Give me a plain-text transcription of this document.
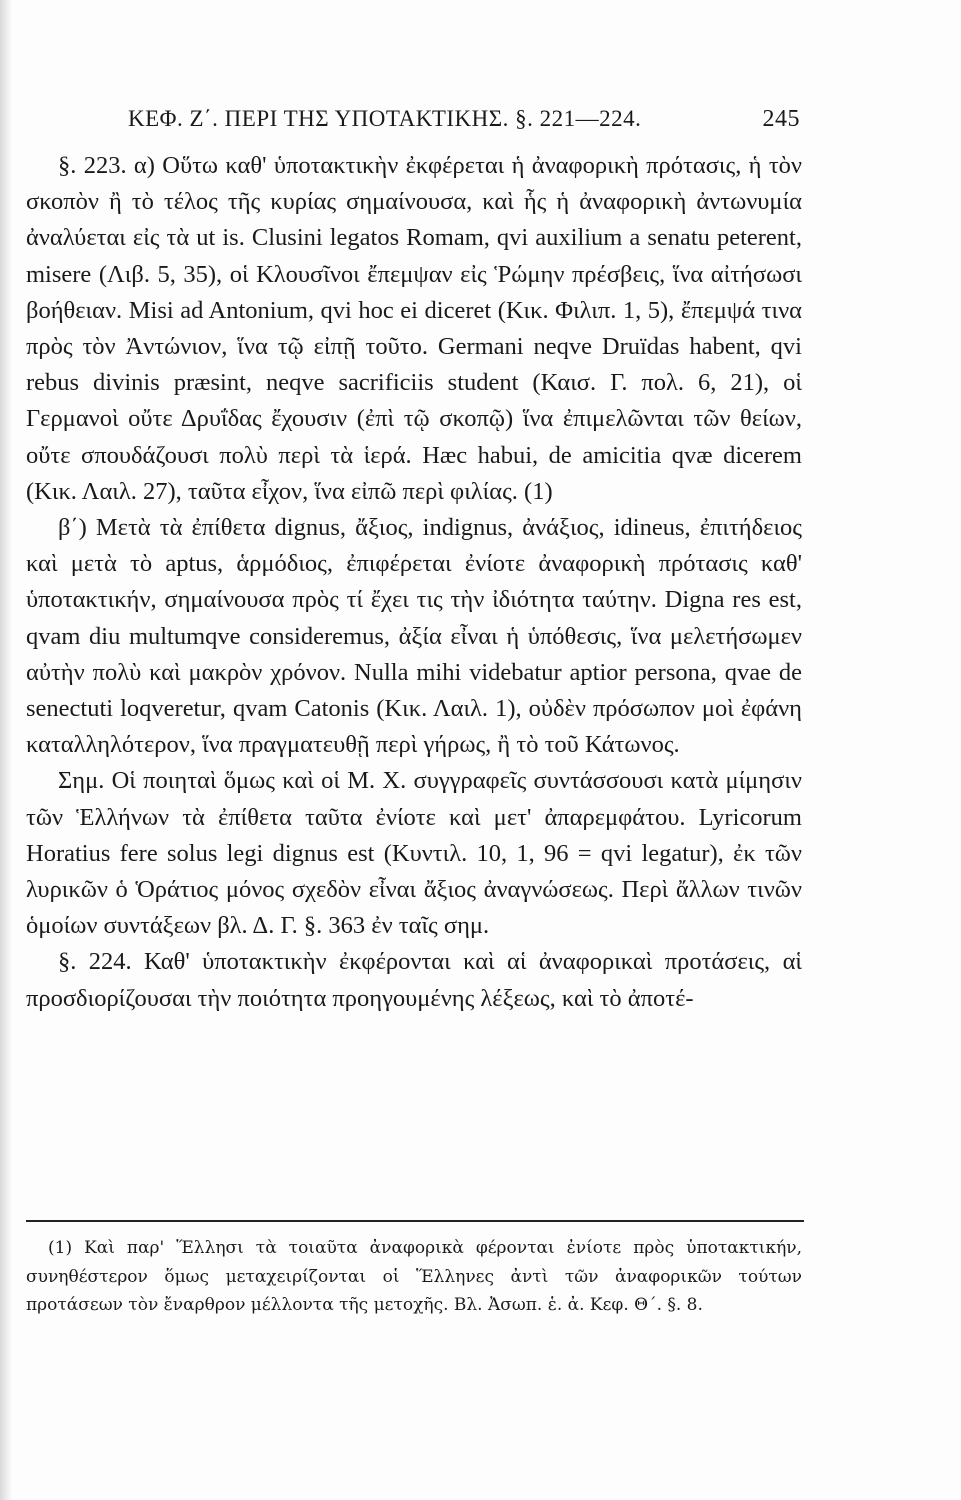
ΚΕΦ. Ζ΄. ΠΕΡΙ ΤΗΣ ΥΠΟΤΑΚΤΙΚΗΣ. §. 221—224.	245

§. 223. α) Οὕτω καθ' ὑποτακτικὴν ἐκφέρεται ἡ ἀναφορικὴ πρότασις, ἡ τὸν σκοπὸν ἢ τὸ τέλος τῆς κυρίας σημαίνουσα, καὶ ἧς ἡ ἀναφορικὴ ἀντωνυμία ἀναλύεται εἰς τὰ ut is. Clusini legatos Romam, qvi auxilium a senatu peterent, misere (Λιβ. 5, 35), οἱ Κλουσῖνοι ἔπεμψαν εἰς Ῥώμην πρέσβεις, ἵνα αἰτήσωσι βοήθειαν. Misi ad Antonium, qvi hoc ei diceret (Κικ. Φιλιπ. 1, 5), ἔπεμψά τινα πρὸς τὸν Ἀντώνιον, ἵνα τῷ εἰπῇ τοῦτο. Germani neqve Druïdas habent, qvi rebus divinis præsint, neqve sacrificiis student (Καισ. Γ. πολ. 6, 21), οἱ Γερμανοὶ οὔτε Δρυΐδας ἔχουσιν (ἐπὶ τῷ σκοπῷ) ἵνα ἐπιμελῶνται τῶν θείων, οὔτε σπουδάζουσι πολὺ περὶ τὰ ἱερά. Hæc habui, de amicitia qvæ dicerem (Κικ. Λαιλ. 27), ταῦτα εἶχον, ἵνα εἰπῶ περὶ φιλίας. (1)

β΄) Μετὰ τὰ ἐπίθετα dignus, ἄξιος, indignus, ἀνάξιος, idineus, ἐπιτήδειος καὶ μετὰ τὸ aptus, ἁρμόδιος, ἐπιφέρεται ἐνίοτε ἀναφορικὴ πρότασις καθ' ὑποτακτικήν, σημαίνουσα πρὸς τί ἔχει τις τὴν ἰδιότητα ταύτην. Digna res est, qvam diu multumqve consideremus, ἀξία εἶναι ἡ ὑπόθεσις, ἵνα μελετήσωμεν αὐτὴν πολὺ καὶ μακρὸν χρόνον. Nulla mihi videbatur aptior persona, qvae de senectuti loqveretur, qvam Catonis (Κικ. Λαιλ. 1), οὐδὲν πρόσωπον μοὶ ἐφάνη καταλληλότερον, ἵνα πραγματευθῇ περὶ γήρως, ἢ τὸ τοῦ Κάτωνος.

Σημ. Οἱ ποιηταὶ ὅμως καὶ οἱ Μ. Χ. συγγραφεῖς συντάσσουσι κατὰ μίμησιν τῶν Ἑλλήνων τὰ ἐπίθετα ταῦτα ἐνίοτε καὶ μετ' ἀπαρεμφάτου. Lyricorum Horatius fere solus legi dignus est (Κυντιλ. 10, 1, 96 = qvi legatur), ἐκ τῶν λυρικῶν ὁ Ὁράτιος μόνος σχεδὸν εἶναι ἄξιος ἀναγνώσεως. Περὶ ἄλλων τινῶν ὁμοίων συντάξεων βλ. Δ. Γ. §. 363 ἐν ταῖς σημ.

§. 224. Καθ' ὑποτακτικὴν ἐκφέρονται καὶ αἱ ἀναφορικαὶ προτάσεις, αἱ προσδιορίζουσαι τὴν ποιότητα προηγουμένης λέξεως, καὶ τὸ ἀποτέ-

(1) Καὶ παρ' Ἕλλησι τὰ τοιαῦτα ἀναφορικὰ φέρονται ἐνίοτε πρὸς ὑποτακτικήν, συνηθέστερον ὅμως μεταχειρίζονται οἱ Ἕλληνες ἀντὶ τῶν ἀναφορικῶν τούτων προτάσεων τὸν ἔναρθρον μέλλοντα τῆς μετοχῆς. Βλ. Ἀσωπ. ἑ. ἀ. Κεφ. Θ΄. §. 8.
